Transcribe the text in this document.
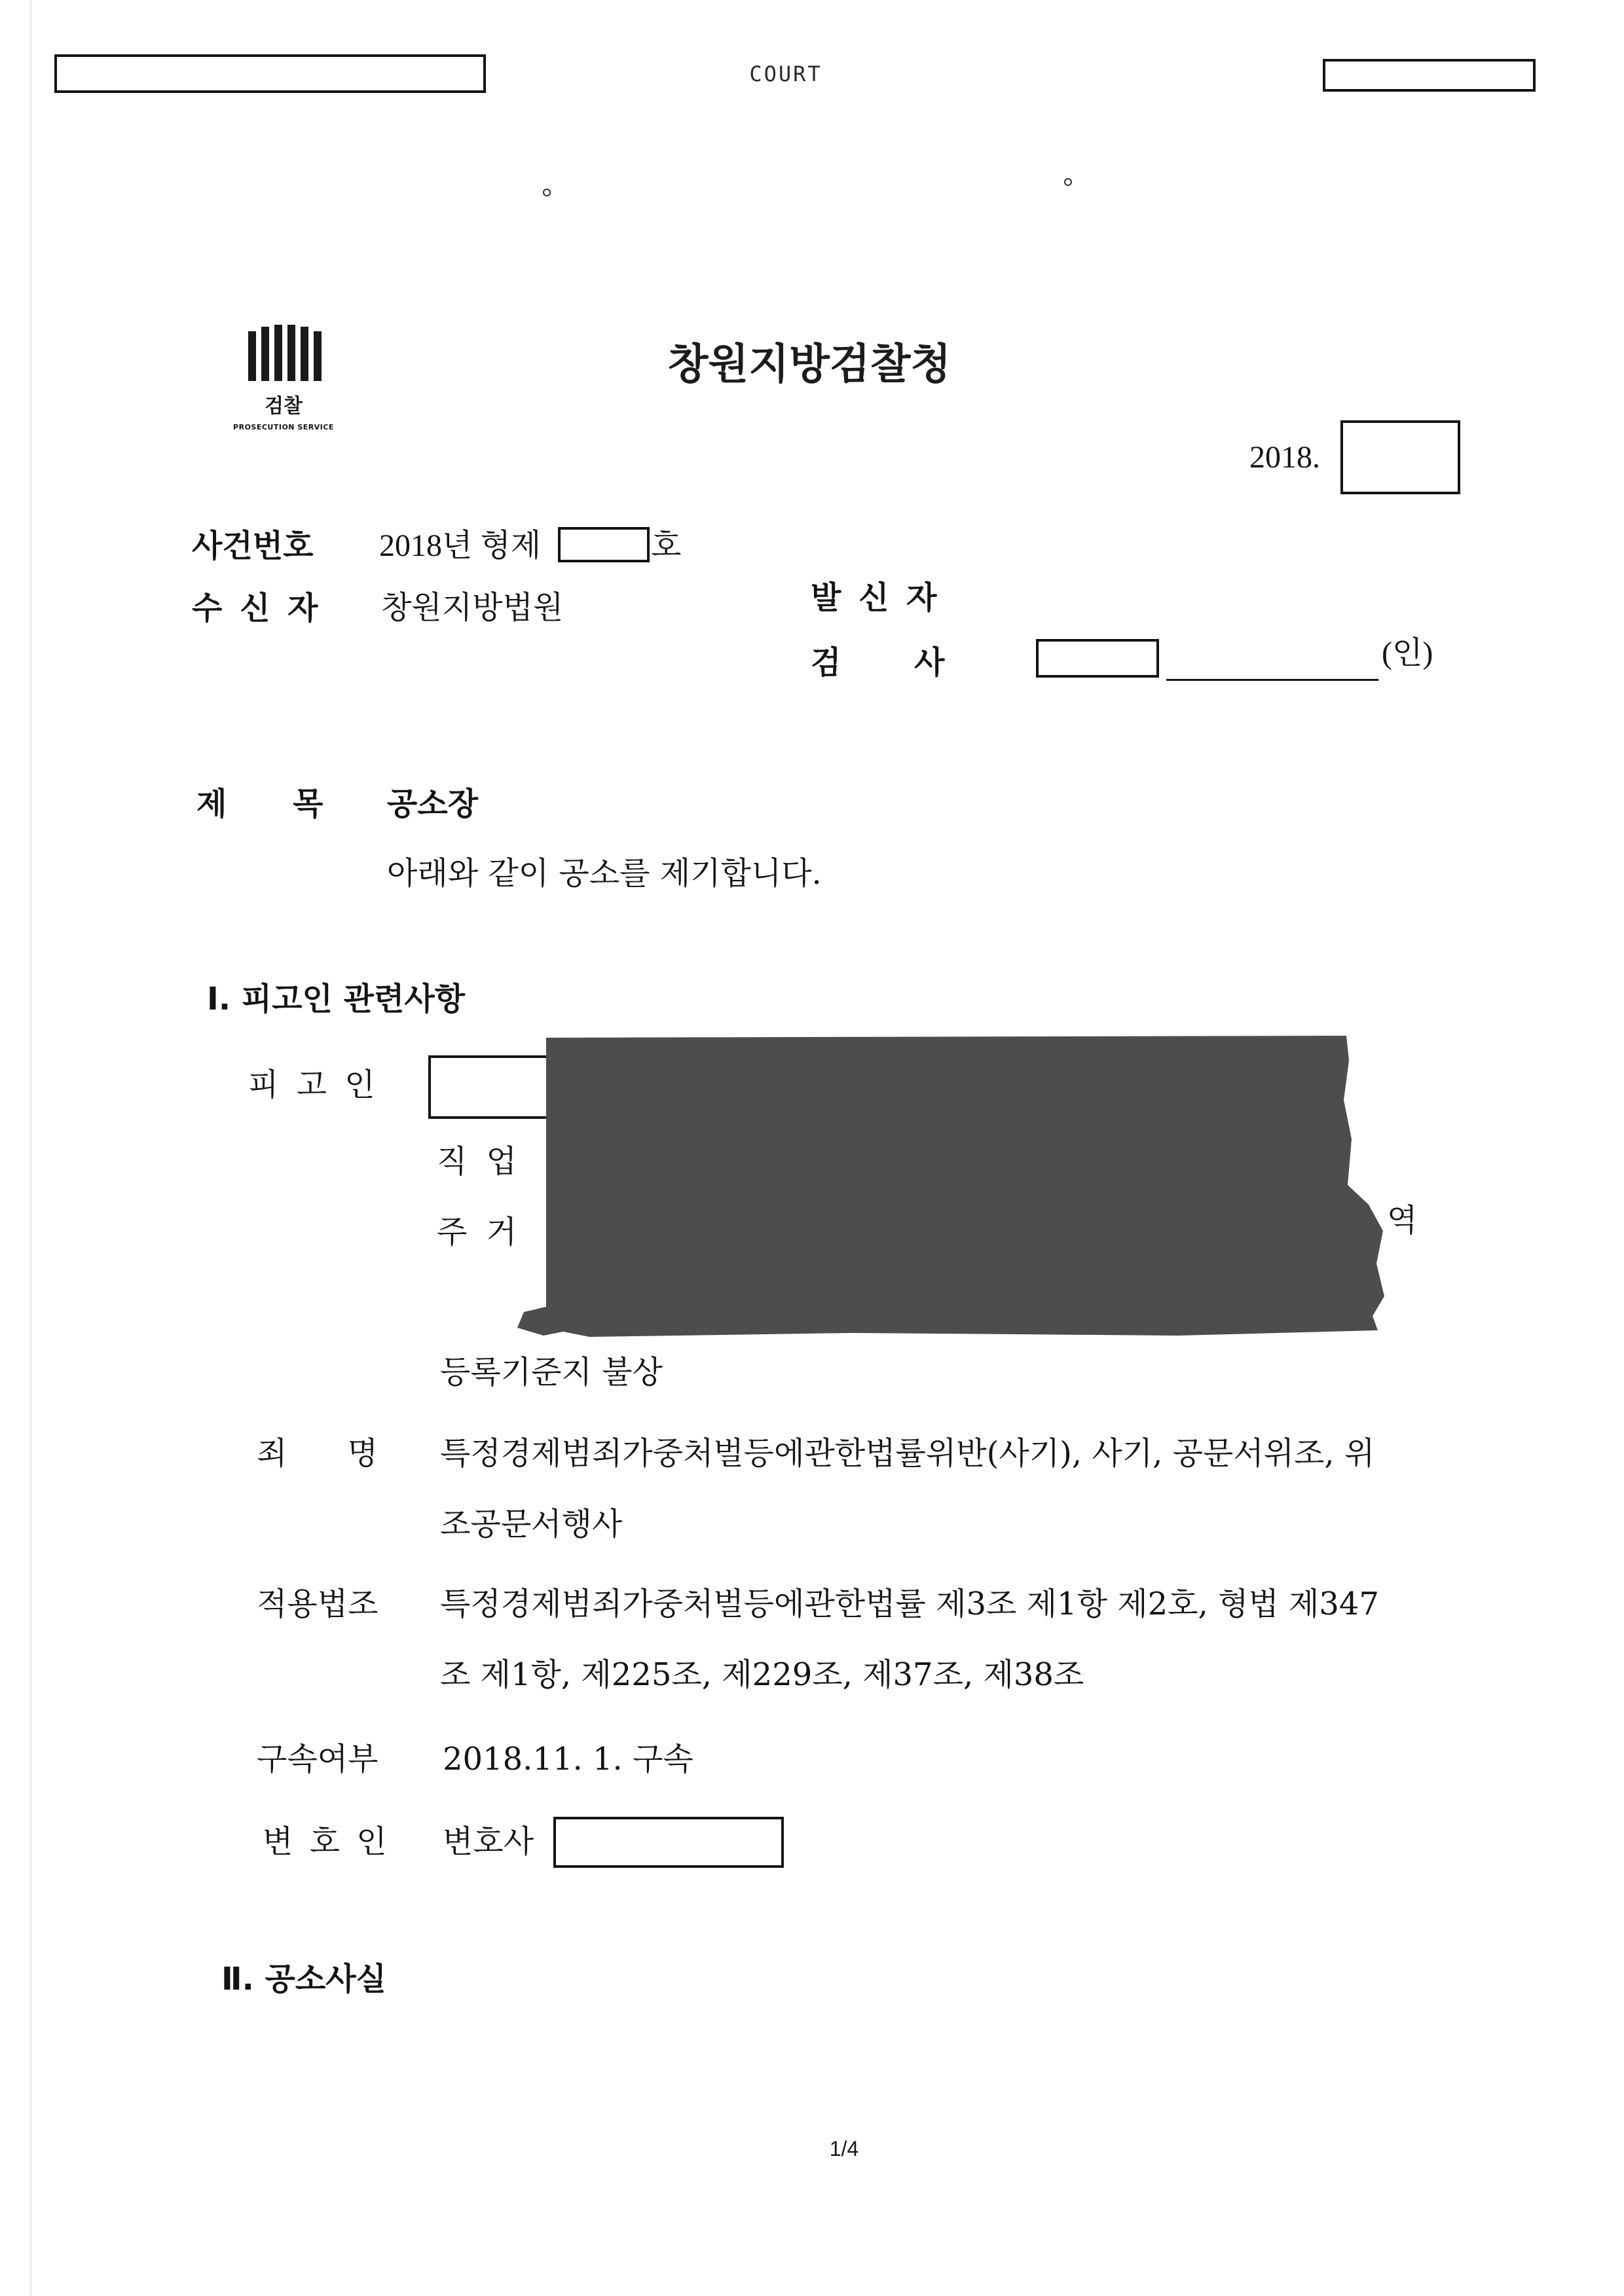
COURT
검찰
PROSECUTION SERVICE
창원지방검찰청
2018.
사건번호 2018년 형제	호
수 신 자 창원지방법원	발 신 자
검 사	(인)
제 목 공소장
아래와 같이 공소를 제기합니다.
Ⅰ. 피고인 관련사항
피 고 인
직 업
주 거	역
등록기준지 불상
죄 명 특정경제범죄가중처벌등에관한법률위반(사기), 사기, 공문서위조, 위
조공문서행사
적용법조 특정경제범죄가중처벌등에관한법률 제3조 제1항 제2호, 형법 제347
조 제1항, 제225조, 제229조, 제37조, 제38조
구속여부 2018.11. 1. 구속
변 호 인 변호사
Ⅱ. 공소사실
1/4
